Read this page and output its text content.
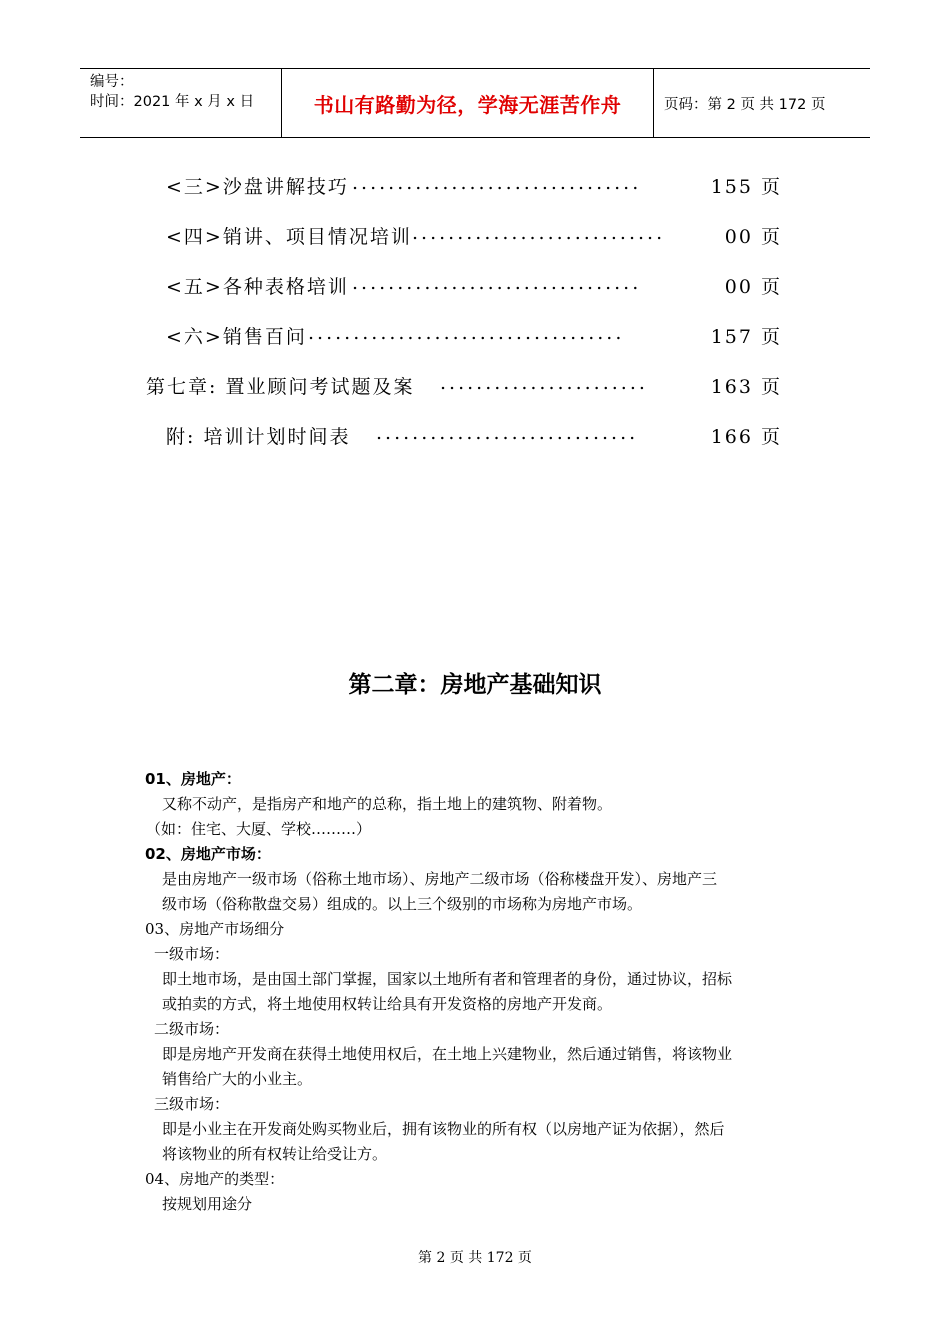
编号：
时间：2021 年 x 月 x 日	书山有路勤为径，学海无涯苦作舟	页码：第 2 页 共 172 页
<三>沙盘讲解技巧 ................................	155 页
<四>销讲、项目情况培训 ............................	00 页
<五>各种表格培训 ................................	00 页
<六>销售百问 ...................................	157 页
第七章: 置业顾问考试题及案 .......................	163 页
附: 培训计划时间表 .............................	166 页
第二章：房地产基础知识
01、房地产：
又称不动产，是指房产和地产的总称，指土地上的建筑物、附着物。
（如：住宅、大厦、学校………）
02、房地产市场：
是由房地产一级市场（俗称土地市场）、房地产二级市场（俗称楼盘开发）、房地产三
级市场（俗称散盘交易）组成的。以上三个级别的市场称为房地产市场。
03、房地产市场细分
一级市场：
即土地市场，是由国土部门掌握，国家以土地所有者和管理者的身份，通过协议，招标
或拍卖的方式，将土地使用权转让给具有开发资格的房地产开发商。
二级市场：
即是房地产开发商在获得土地使用权后，在土地上兴建物业，然后通过销售，将该物业
销售给广大的小业主。
三级市场：
即是小业主在开发商处购买物业后，拥有该物业的所有权（以房地产证为依据），然后
将该物业的所有权转让给受让方。
04、房地产的类型：
按规划用途分
第 2 页 共 172 页
